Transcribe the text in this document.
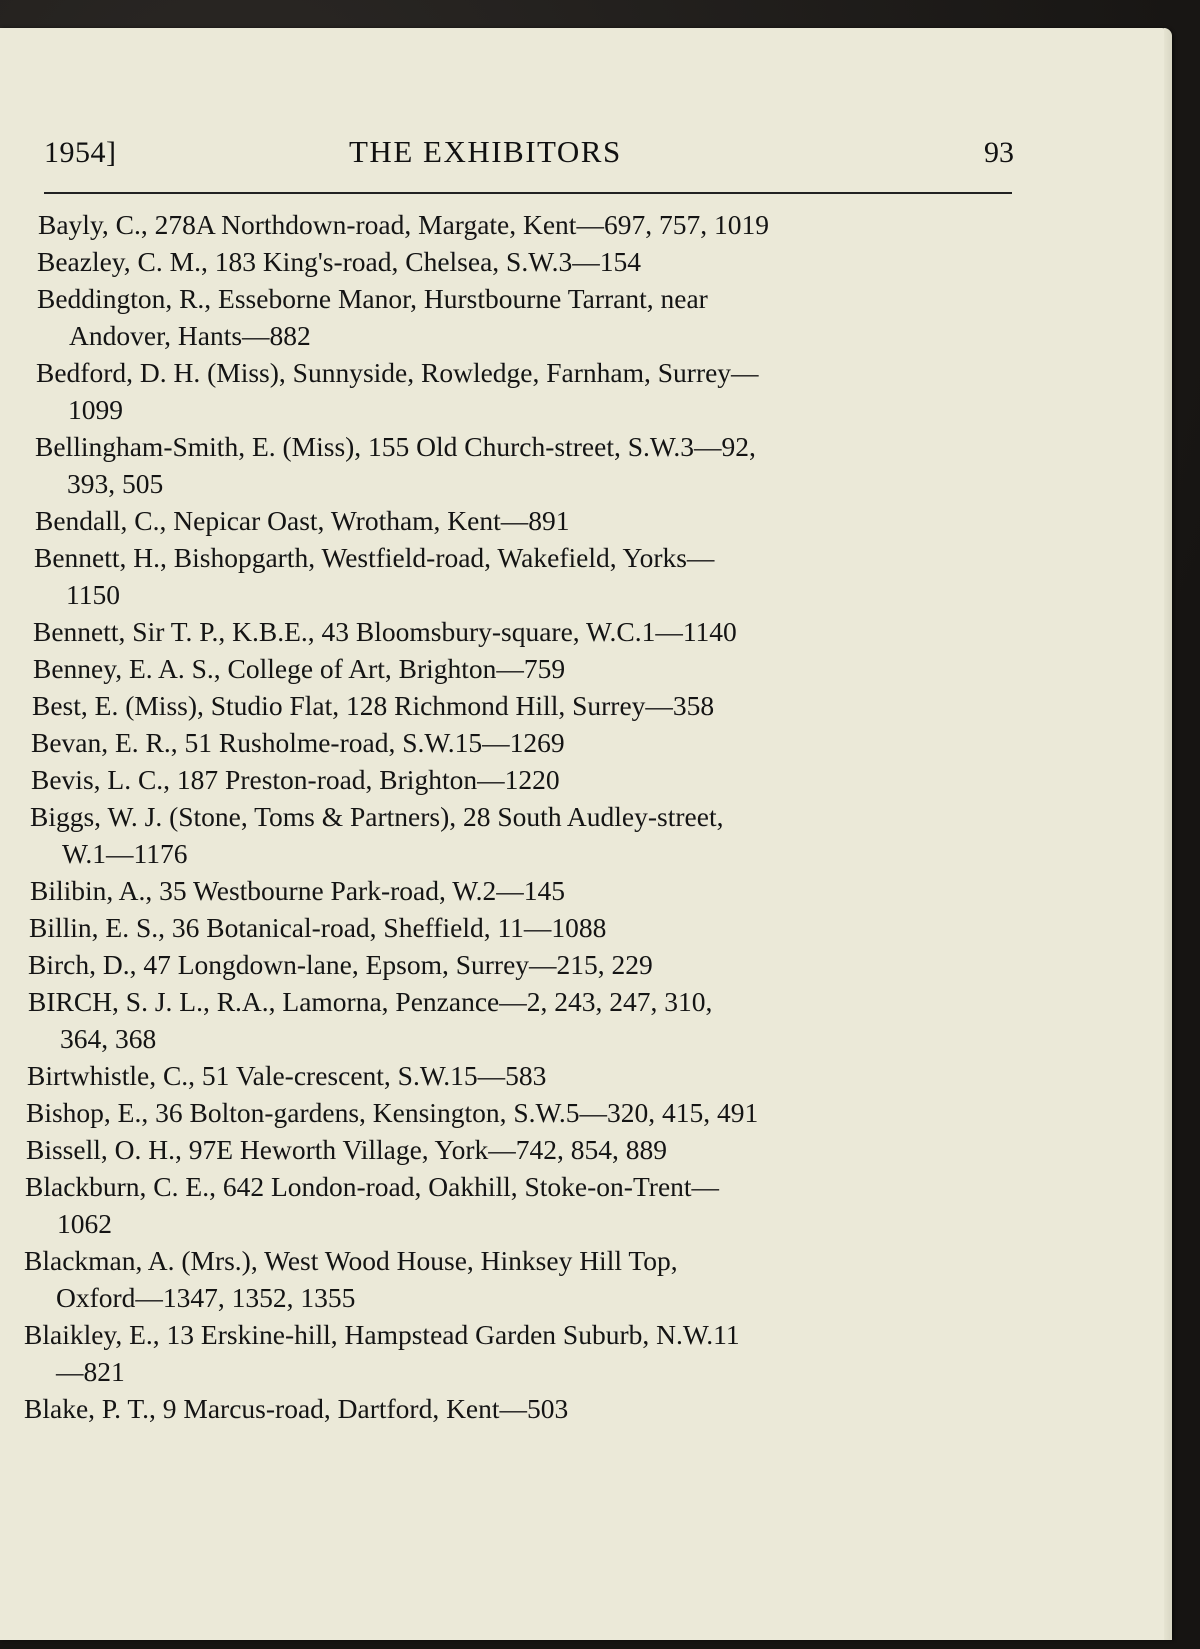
1954]	THE EXHIBITORS	93
Bayly, C., 278A Northdown-road, Margate, Kent—697, 757, 1019
Beazley, C. M., 183 King's-road, Chelsea, S.W.3—154
Beddington, R., Esseborne Manor, Hurstbourne Tarrant, near
Andover, Hants—882
Bedford, D. H. (Miss), Sunnyside, Rowledge, Farnham, Surrey—
1099
Bellingham-Smith, E. (Miss), 155 Old Church-street, S.W.3—92,
393, 505
Bendall, C., Nepicar Oast, Wrotham, Kent—891
Bennett, H., Bishopgarth, Westfield-road, Wakefield, Yorks—
1150
Bennett, Sir T. P., K.B.E., 43 Bloomsbury-square, W.C.1—1140
Benney, E. A. S., College of Art, Brighton—759
Best, E. (Miss), Studio Flat, 128 Richmond Hill, Surrey—358
Bevan, E. R., 51 Rusholme-road, S.W.15—1269
Bevis, L. C., 187 Preston-road, Brighton—1220
Biggs, W. J. (Stone, Toms & Partners), 28 South Audley-street,
W.1—1176
Bilibin, A., 35 Westbourne Park-road, W.2—145
Billin, E. S., 36 Botanical-road, Sheffield, 11—1088
Birch, D., 47 Longdown-lane, Epsom, Surrey—215, 229
BIRCH, S. J. L., R.A., Lamorna, Penzance—2, 243, 247, 310,
364, 368
Birtwhistle, C., 51 Vale-crescent, S.W.15—583
Bishop, E., 36 Bolton-gardens, Kensington, S.W.5—320, 415, 491
Bissell, O. H., 97E Heworth Village, York—742, 854, 889
Blackburn, C. E., 642 London-road, Oakhill, Stoke-on-Trent—
1062
Blackman, A. (Mrs.), West Wood House, Hinksey Hill Top,
Oxford—1347, 1352, 1355
Blaikley, E., 13 Erskine-hill, Hampstead Garden Suburb, N.W.11
—821
Blake, P. T., 9 Marcus-road, Dartford, Kent—503
